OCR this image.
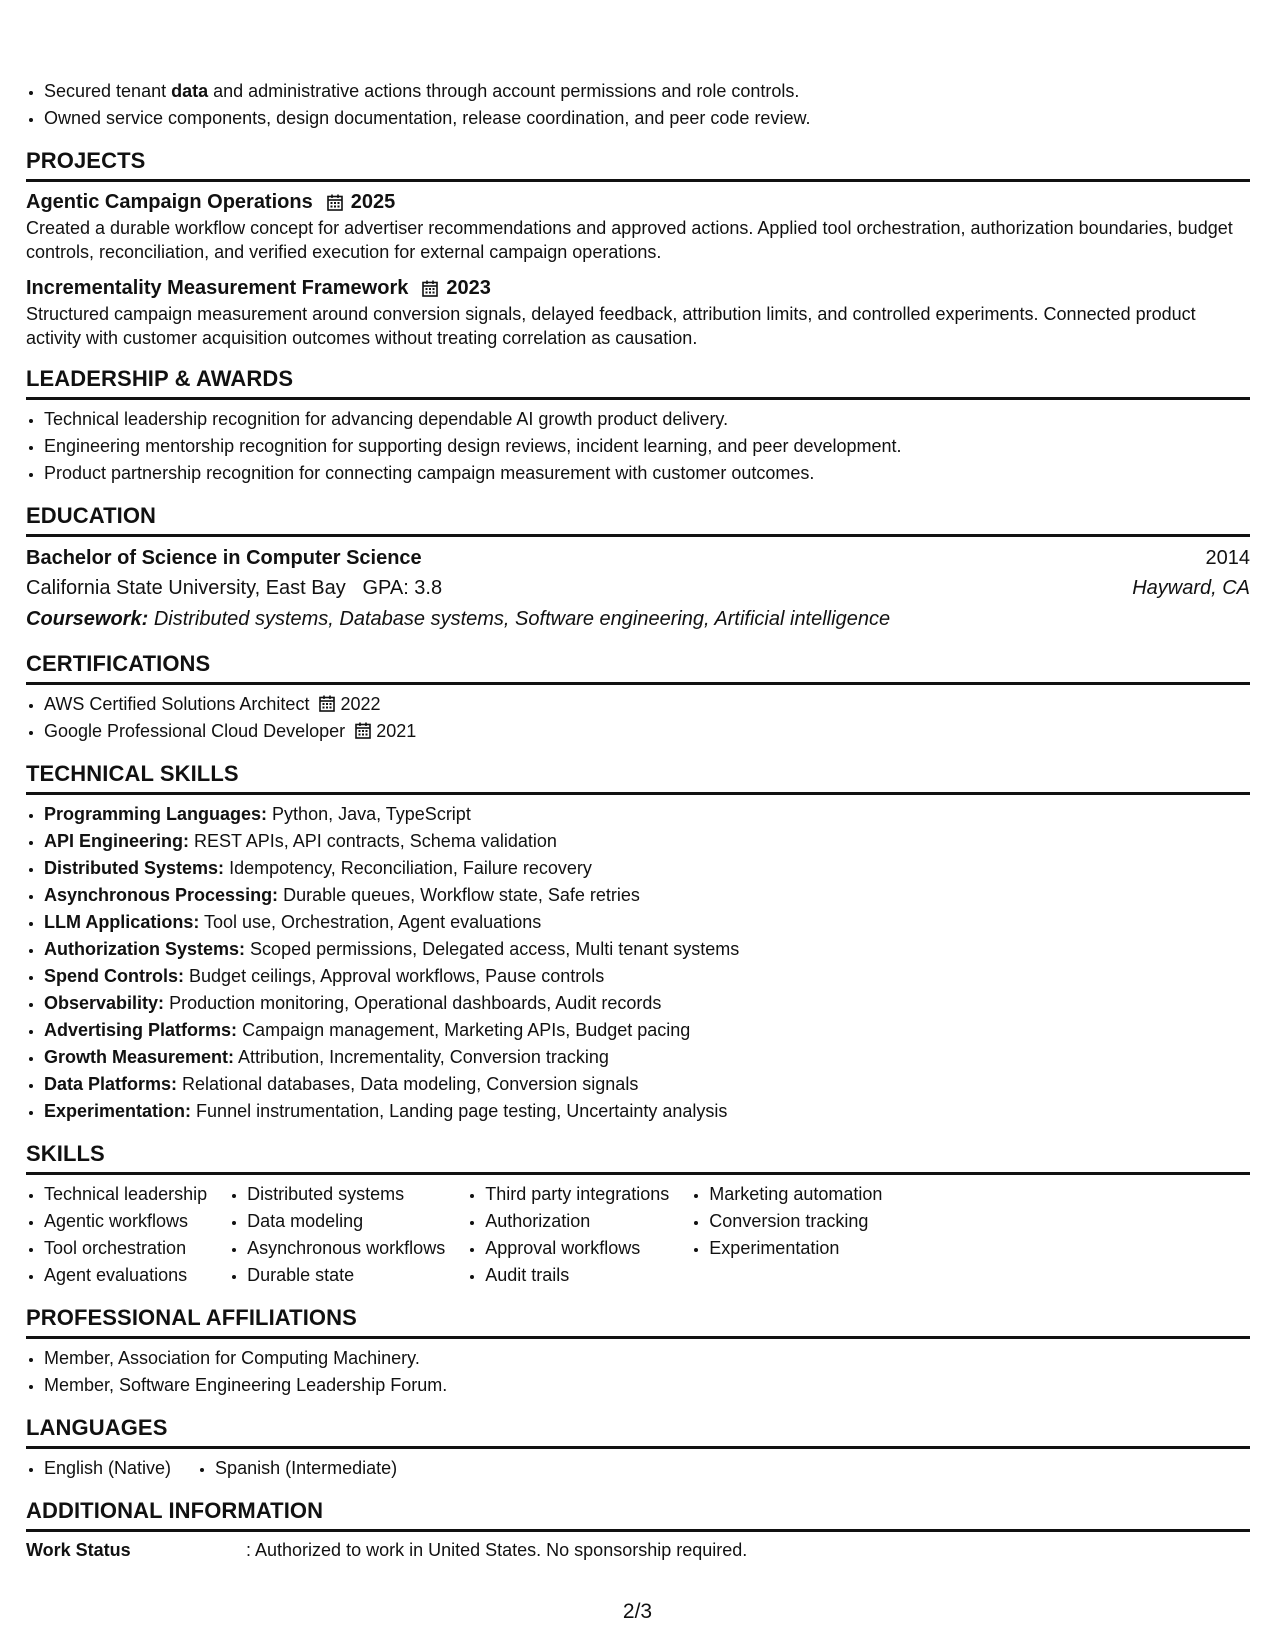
• Secured tenant data and administrative actions through account permissions and role controls.
• Owned service components, design documentation, release coordination, and peer code review.
PROJECTS
Agentic Campaign Operations 2025
Created a durable workflow concept for advertiser recommendations and approved actions. Applied tool orchestration, authorization boundaries, budget controls, reconciliation, and verified execution for external campaign operations.
Incrementality Measurement Framework 2023
Structured campaign measurement around conversion signals, delayed feedback, attribution limits, and controlled experiments. Connected product activity with customer acquisition outcomes without treating correlation as causation.
LEADERSHIP & AWARDS
• Technical leadership recognition for advancing dependable AI growth product delivery.
• Engineering mentorship recognition for supporting design reviews, incident learning, and peer development.
• Product partnership recognition for connecting campaign measurement with customer outcomes.
EDUCATION
Bachelor of Science in Computer Science	2014
California State University, East Bay GPA: 3.8	Hayward, CA
Coursework: Distributed systems, Database systems, Software engineering, Artificial intelligence
CERTIFICATIONS
• AWS Certified Solutions Architect 2022
• Google Professional Cloud Developer 2021
TECHNICAL SKILLS
• Programming Languages: Python, Java, TypeScript
• API Engineering: REST APIs, API contracts, Schema validation
• Distributed Systems: Idempotency, Reconciliation, Failure recovery
• Asynchronous Processing: Durable queues, Workflow state, Safe retries
• LLM Applications: Tool use, Orchestration, Agent evaluations
• Authorization Systems: Scoped permissions, Delegated access, Multi tenant systems
• Spend Controls: Budget ceilings, Approval workflows, Pause controls
• Observability: Production monitoring, Operational dashboards, Audit records
• Advertising Platforms: Campaign management, Marketing APIs, Budget pacing
• Growth Measurement: Attribution, Incrementality, Conversion tracking
• Data Platforms: Relational databases, Data modeling, Conversion signals
• Experimentation: Funnel instrumentation, Landing page testing, Uncertainty analysis
SKILLS
• Technical leadership
• Agentic workflows
• Tool orchestration
• Agent evaluations
• Distributed systems
• Data modeling
• Asynchronous workflows
• Durable state
• Third party integrations
• Authorization
• Approval workflows
• Audit trails
• Marketing automation
• Conversion tracking
• Experimentation
PROFESSIONAL AFFILIATIONS
• Member, Association for Computing Machinery.
• Member, Software Engineering Leadership Forum.
LANGUAGES
• English (Native)
• Spanish (Intermediate)
ADDITIONAL INFORMATION
Work Status	: Authorized to work in United States. No sponsorship required.
2/3
